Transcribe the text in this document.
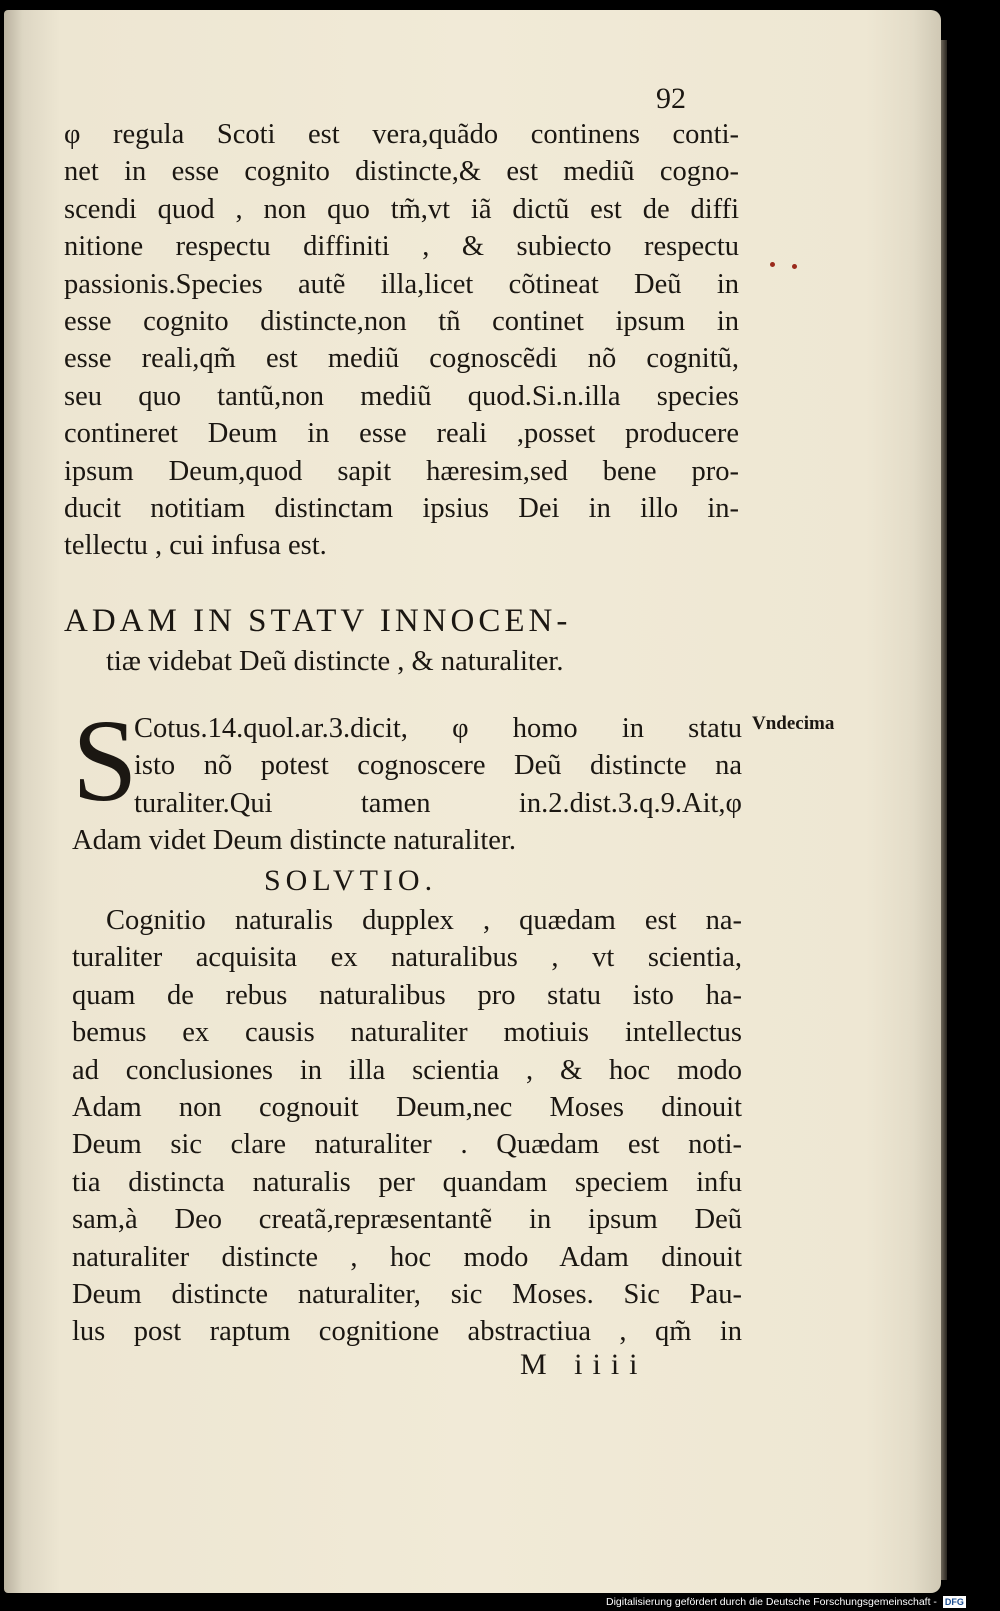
92
φ regula Scoti est vera,quãdo continens conti-
net in esse cognito distincte,& est mediũ cogno-
scendi quod , non quo tm̃,vt iã dictũ est de diffi
nitione respectu diffiniti , & subiecto respectu
passionis.Species autẽ illa,licet cõtineat Deũ in
esse cognito distincte,non tñ continet ipsum in
esse reali,qm̃ est mediũ cognoscẽdi nõ cognitũ,
seu quo tantũ,non mediũ quod.Si.n.illa species
contineret Deum in esse reali ,posset producere
ipsum Deum,quod sapit hæresim,sed bene pro-
ducit notitiam distinctam ipsius Dei in illo in-
tellectu , cui infusa est.
ADAM IN STATV INNOCEN-
tiæ videbat Deũ distincte , & naturaliter.
S
Cotus.14.quol.ar.3.dicit, φ homo in statu
isto nõ potest cognoscere Deũ distincte na
turaliter.Qui tamen in.2.dist.3.q.9.Ait,φ
Adam videt Deum distincte naturaliter.
SOLVTIO.
Cognitio naturalis dupplex , quædam est na-
turaliter acquisita ex naturalibus , vt scientia,
quam de rebus naturalibus pro statu isto ha-
bemus ex causis naturaliter motiuis intellectus
ad conclusiones in illa scientia , & hoc modo
Adam non cognouit Deum,nec Moses dinouit
Deum sic clare naturaliter . Quædam est noti-
tia distincta naturalis per quandam speciem infu
sam,à Deo creatã,repræsentantẽ in ipsum Deũ
naturaliter distincte , hoc modo Adam dinouit
Deum distincte naturaliter, sic Moses. Sic Pau-
lus post raptum cognitione abstractiua , qm̃ in
M iiii
Vndecima
Digitalisierung gefördert durch die Deutsche Forschungsgemeinschaft - DFG
